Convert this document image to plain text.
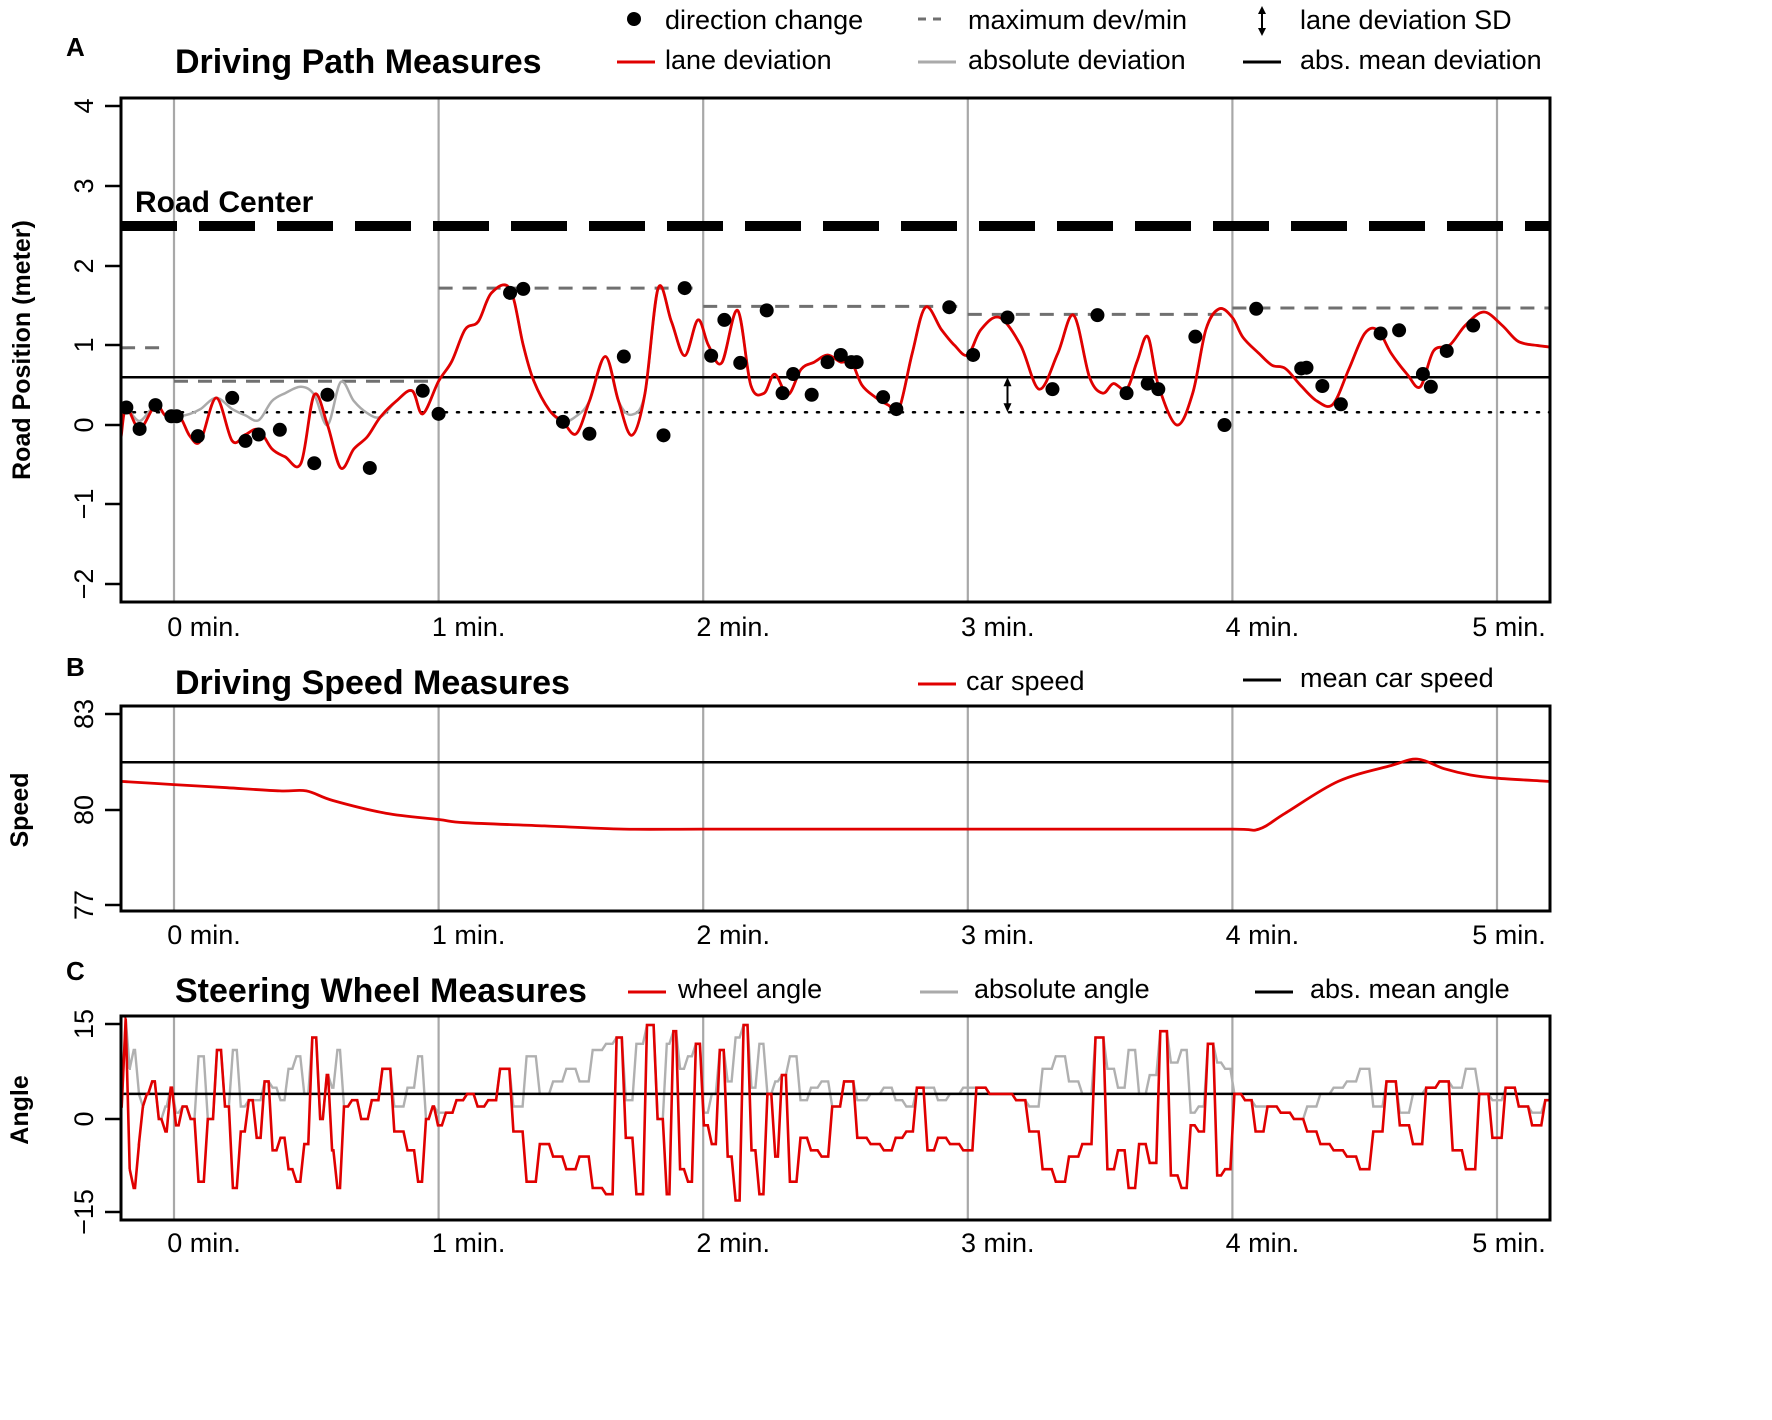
4
3
2
1
0
−1
−2
0 min.	1 min.	2 min.	3 min.	4 min.	5 min.
83
80
77
0 min.	1 min.	2 min.	3 min.	4 min.	5 min.
15
0
−15
0 min.	1 min.	2 min.	3 min.	4 min.	5 min.
A	Driving Path Measures
Road Center
Road Position (meter)
B	Driving Speed Measures
Speed
C
Steering Wheel Measures
Angle
direction change	maximum dev/min	lane deviation SD
lane deviation	absolute deviation	abs. mean deviation
car speed	mean car speed
wheel angle	absolute angle	abs. mean angle
